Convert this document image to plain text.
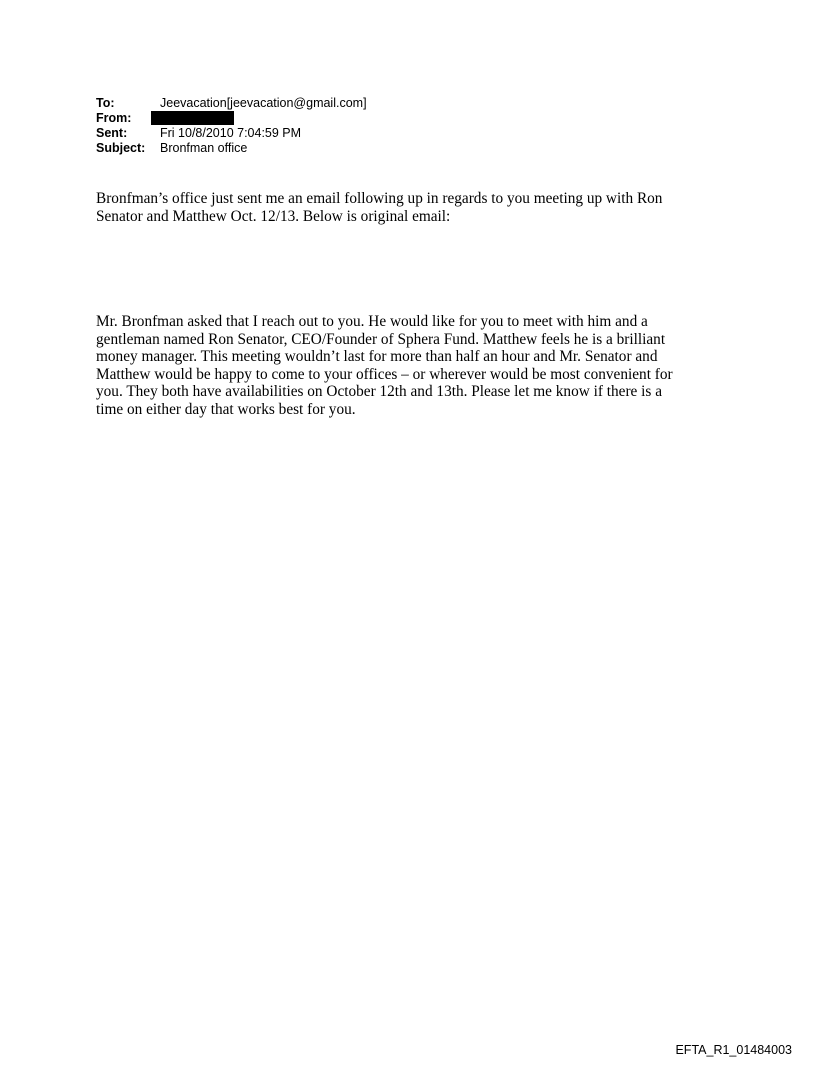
To:	Jeevacation[jeevacation@gmail.com]
From:
Sent:	Fri 10/8/2010 7:04:59 PM
Subject:	Bronfman office
Bronfman’s office just sent me an email following up in regards to you meeting up with Ron
Senator and Matthew Oct. 12/13. Below is original email:
Mr. Bronfman asked that I reach out to you. He would like for you to meet with him and a
gentleman named Ron Senator, CEO/Founder of Sphera Fund. Matthew feels he is a brilliant
money manager. This meeting wouldn’t last for more than half an hour and Mr. Senator and
Matthew would be happy to come to your offices – or wherever would be most convenient for
you. They both have availabilities on October 12th and 13th. Please let me know if there is a
time on either day that works best for you.
EFTA_R1_01484003
